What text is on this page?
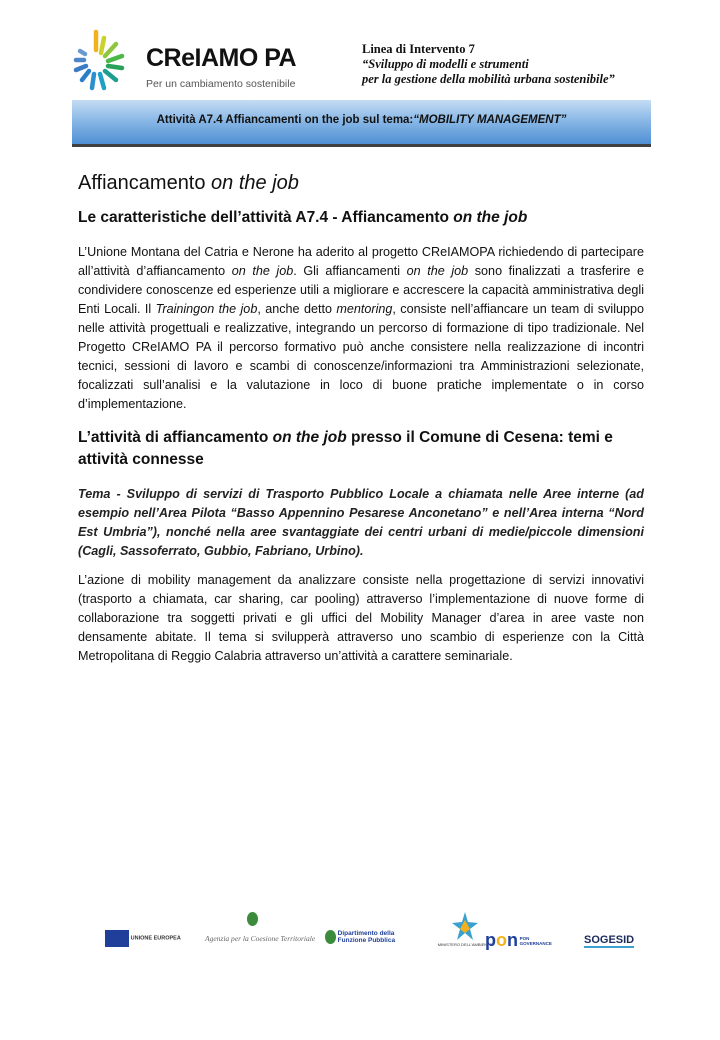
CReIAMO PA
Per un cambiamento sostenibile
Linea di Intervento 7
“Sviluppo di modelli e strumenti
per la gestione della mobilità urbana sostenibile”
Attività A7.4 Affiancamenti on the job sul tema:“MOBILITY MANAGEMENT”
Affiancamento on the job
Le caratteristiche dell’attività A7.4 - Affiancamento on the job

L’Unione Montana del Catria e Nerone ha aderito al progetto CReIAMOPA richiedendo di partecipare all’attività d’affiancamento on the job. Gli affiancamenti on the job sono finalizzati a trasferire e condividere conoscenze ed esperienze utili a migliorare e accrescere la capacità amministrativa degli Enti Locali. Il Trainingon the job, anche detto mentoring, consiste nell’affiancare un team di sviluppo nelle attività progettuali e realizzative, integrando un percorso di formazione di tipo tradizionale. Nel Progetto CReIAMO PA il percorso formativo può anche consistere nella realizzazione di incontri tecnici, sessioni di lavoro e scambi di conoscenze/informazioni tra Amministrazioni selezionate, focalizzati sull’analisi e la valutazione in loco di buone pratiche implementate o in corso d’implementazione.

L’attività di affiancamento on the job presso il Comune di Cesena: temi e attività connesse

Tema - Sviluppo di servizi di Trasporto Pubblico Locale a chiamata nelle Aree interne (ad esempio nell’Area Pilota “Basso Appennino Pesarese Anconetano” e nell’Area interna “Nord Est Umbria”), nonché nella aree svantaggiate dei centri urbani di medie/piccole dimensioni (Cagli, Sassoferrato, Gubbio, Fabriano, Urbino).

L’azione di mobility management da analizzare consiste nella progettazione di servizi innovativi (trasporto a chiamata, car sharing, car pooling) attraverso l’implementazione di nuove forme di collaborazione tra soggetti privati e gli uffici del Mobility Manager d’area in aree vaste non densamente abitate. Il tema si svilupperà attraverso uno scambio di esperienze con la Città Metropolitana di Reggio Calabria attraverso un’attività a carattere seminariale.

UNIONE EUROPEA	Agenzia per la Coesione Territoriale
Dipartimento della Funzione Pubblica
MINISTERO DELL'AMBIENTE
pon PON GOVERNANCE	SOGESID
